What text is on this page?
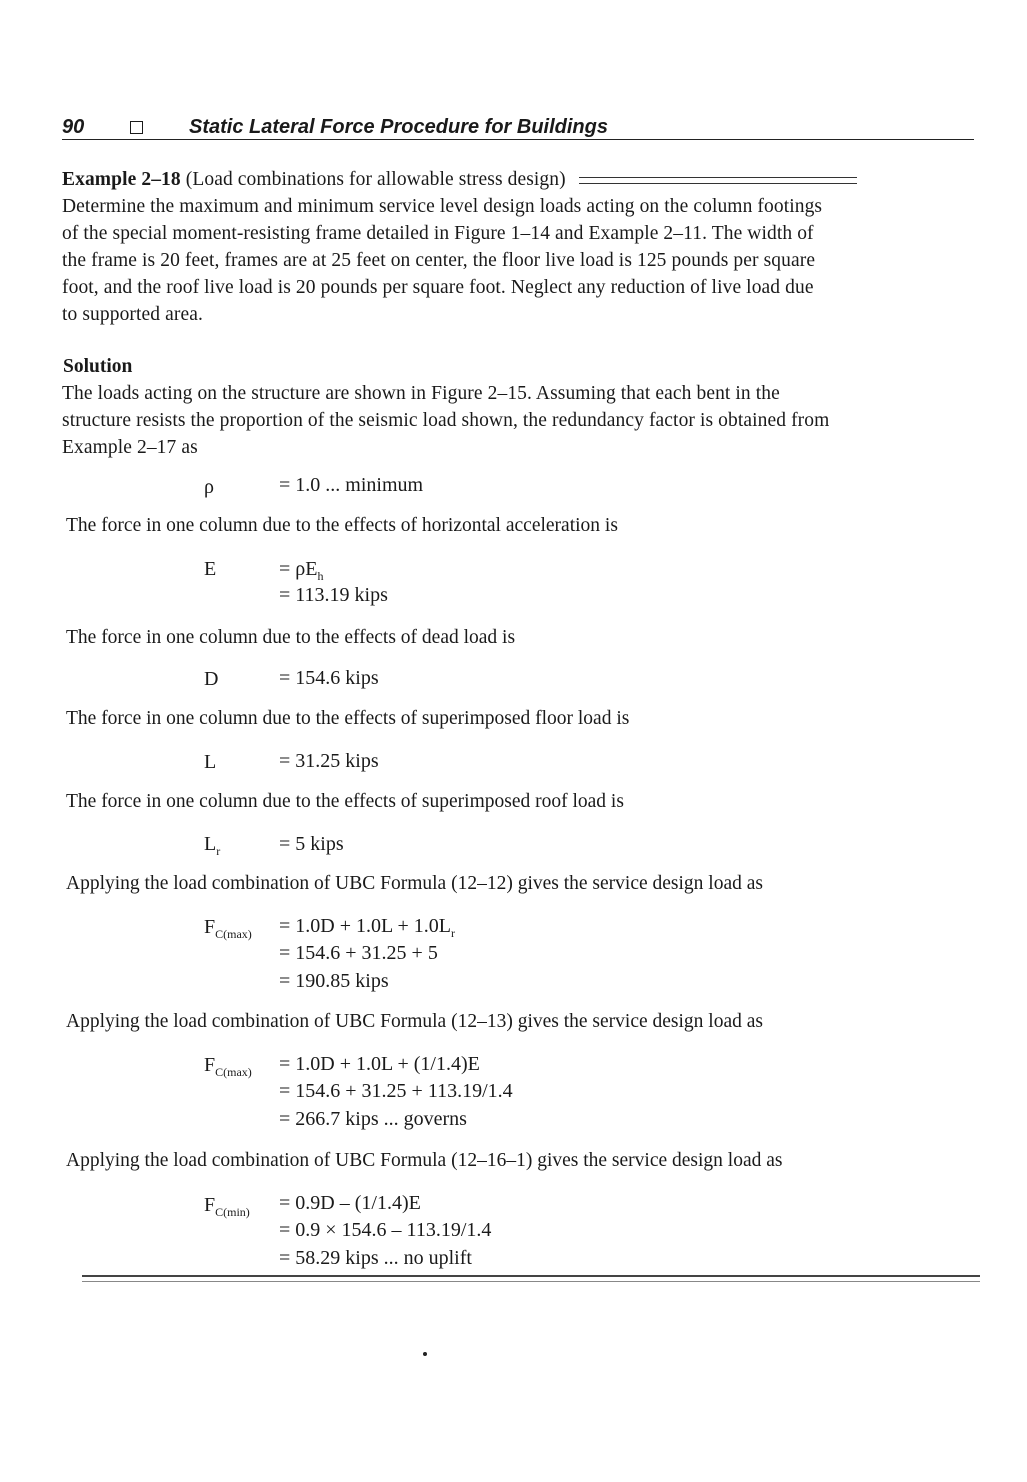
90	Static Lateral Force Procedure for Buildings
Example 2–18 (Load combinations for allowable stress design)
Determine the maximum and minimum service level design loads acting on the column footings
of the special moment-resisting frame detailed in Figure 1–14 and Example 2–11. The width of
the frame is 20 feet, frames are at 25 feet on center, the floor live load is 125 pounds per square
foot, and the roof live load is 20 pounds per square foot. Neglect any reduction of live load due
to supported area.
Solution
The loads acting on the structure are shown in Figure 2–15. Assuming that each bent in the
structure resists the proportion of the seismic load shown, the redundancy factor is obtained from
Example 2–17 as
ρ	= 1.0 ... minimum
The force in one column due to the effects of horizontal acceleration is
E	= $\rho E_h$
= 113.19 kips
The force in one column due to the effects of dead load is
D	= 154.6 kips
The force in one column due to the effects of superimposed floor load is
L	= 31.25 kips
The force in one column due to the effects of superimposed roof load is
$L_r$	= 5 kips
Applying the load combination of UBC Formula (12–12) gives the service design load as
$F_{C(max)} = 1.0D + 1.0L + 1.0L_r$
= 154.6 + 31.25 + 5
= 190.85 kips
Applying the load combination of UBC Formula (12–13) gives the service design load as
$F_{C(max)} = 1.0D + 1.0L + (1/1.4)E$
= 154.6 + 31.25 + 113.19/1.4
= 266.7 kips ... governs
Applying the load combination of UBC Formula (12–16–1) gives the service design load as
$F_{C(min)} = 0.9D - (1/1.4)E$
= 0.9 × 154.6 – 113.19/1.4
= 58.29 kips ... no uplift
